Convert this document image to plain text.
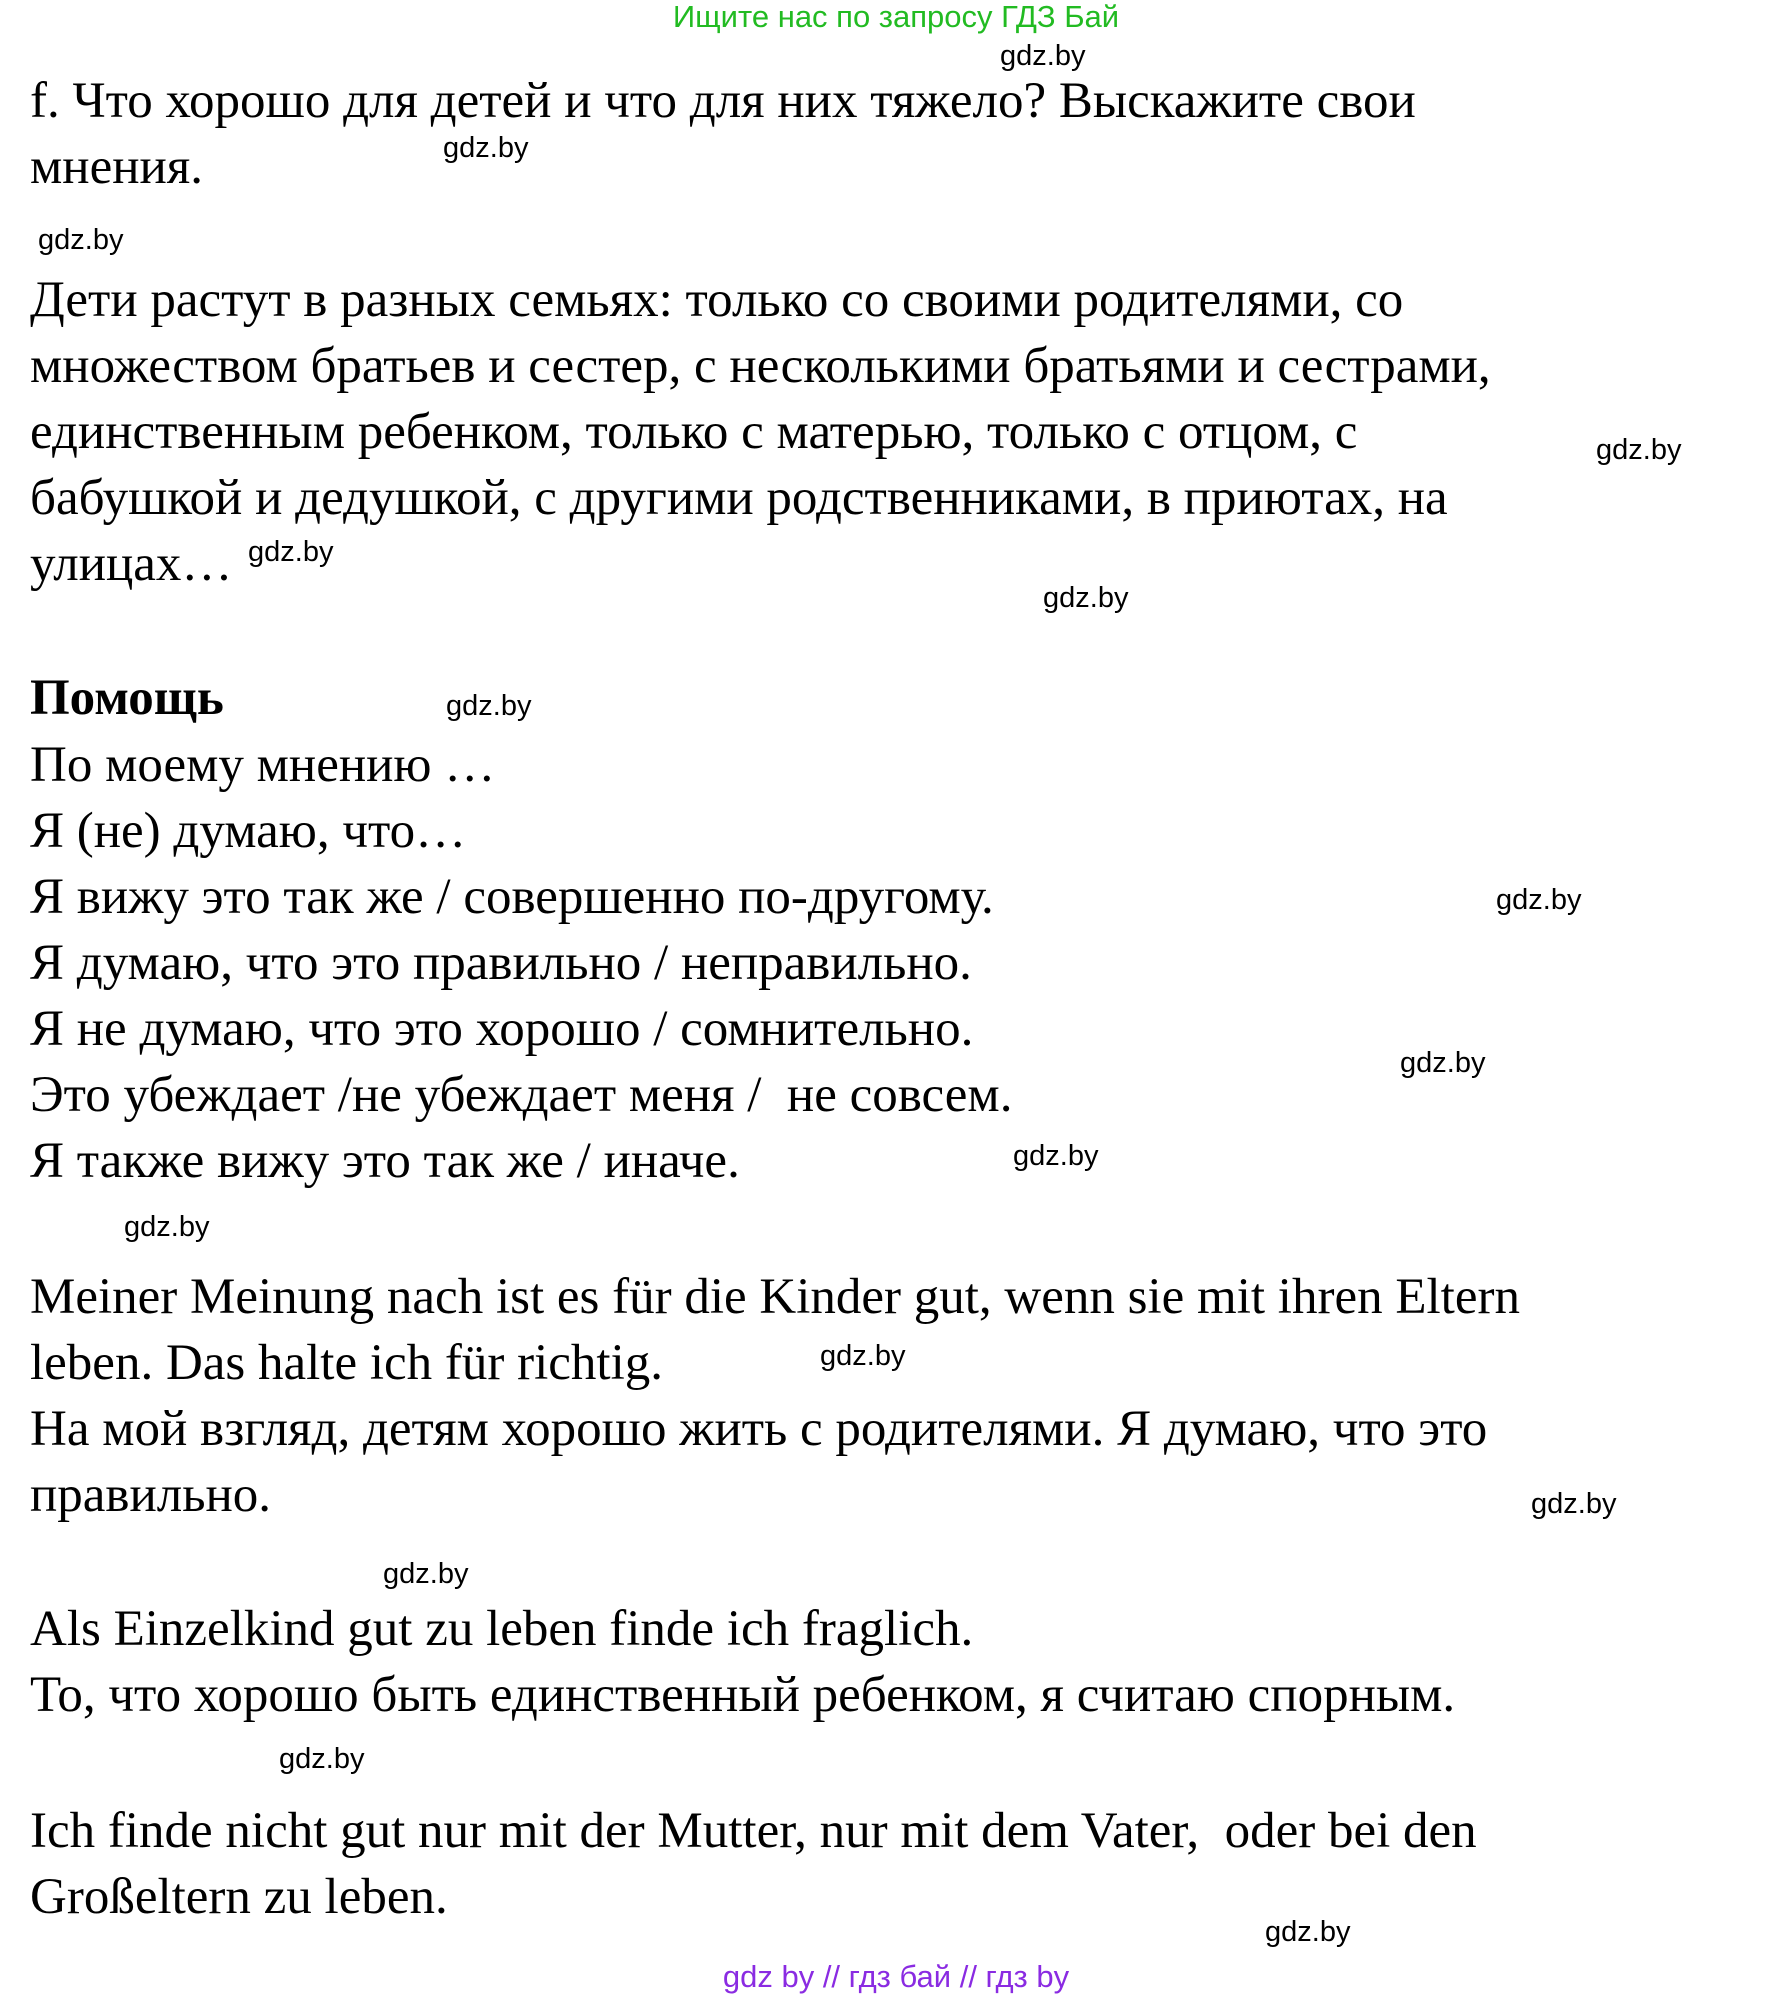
Ищите нас по запросу ГДЗ Бай

f. Что хорошо для детей и что для них тяжело? Выскажите свои

мнения.

Дети растут в разных семьях: только со своими родителями, со

множеством братьев и сестер, с несколькими братьями и сестрами,

единственным ребенком, только с матерью, только с отцом, с

бабушкой и дедушкой, с другими родственниками, в приютах, на

улицах…

Помощь

По моему мнению …

Я (не) думаю, что…

Я вижу это так же / совершенно по-другому.

Я думаю, что это правильно / неправильно.

Я не думаю, что это хорошо / сомнительно.

Это убеждает /не убеждает меня /  не совсем.

Я также вижу это так же / иначе.

Meiner Meinung nach ist es für die Kinder gut, wenn sie mit ihren Eltern

leben. Das halte ich für richtig.

На мой взгляд, детям хорошо жить с родителями. Я думаю, что это

правильно.

Als Einzelkind gut zu leben finde ich fraglich.

То, что хорошо быть единственный ребенком, я считаю спорным.

Ich finde nicht gut nur mit der Mutter, nur mit dem Vater,  oder bei den

Großeltern zu leben.

gdz.by
gdz.by
gdz.by
gdz.by
gdz.by
gdz.by
gdz.by
gdz.by
gdz.by
gdz.by
gdz.by
gdz.by
gdz.by
gdz.by
gdz.by
gdz.by
gdz by // гдз бай // гдз by
